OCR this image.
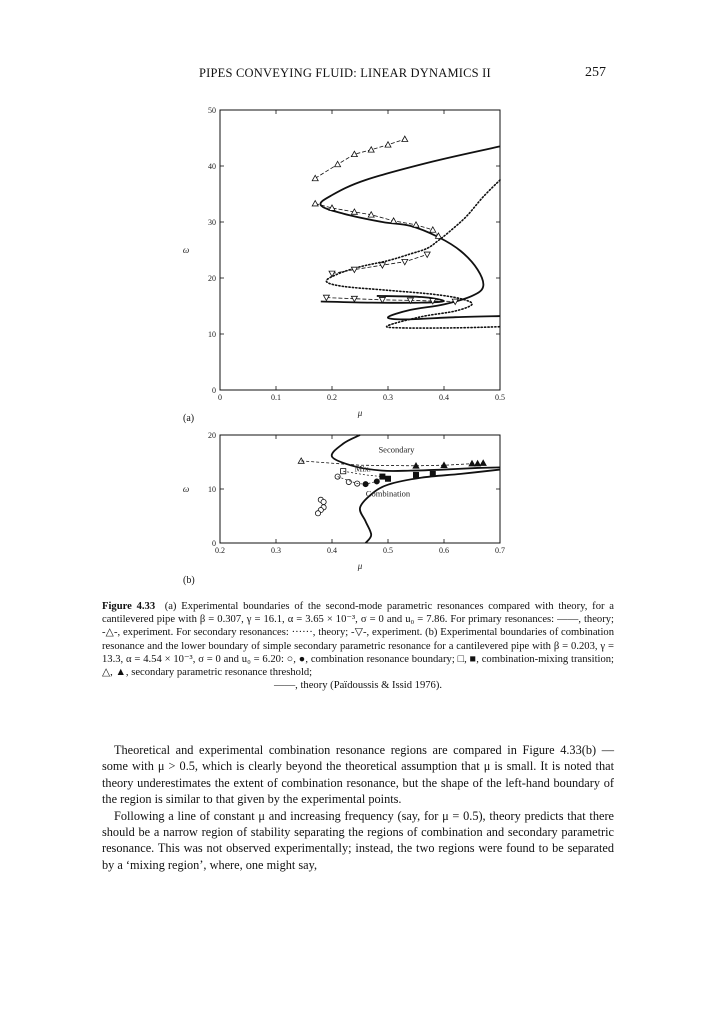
PIPES CONVEYING FLUID: LINEAR DYNAMICS II	257
0	0.1	0.2	0.3	0.4	0.5
0
10
20
30
40
50
μ
ω
(a)
0.2	0.3	0.4	0.5	0.6	0.7
0
10
20
μ
ω
Secondary
Mix.
Combination
(b)
Figure 4.33 (a) Experimental boundaries of the second-mode parametric resonances compared with theory, for a cantilevered pipe with β = 0.307, γ = 16.1, α = 3.65 × 10⁻³, σ = 0 and u₀ = 7.86. For primary resonances: ——, theory; -△-, experiment. For secondary resonances: ······, theory; -▽-, experiment. (b) Experimental boundaries of combination resonance and the lower boundary of simple secondary parametric resonance for a cantilevered pipe with β = 0.203, γ = 13.3, α = 4.54 × 10⁻³, σ = 0 and u₀ = 6.20: ○, ●, combination resonance boundary; □, ■, combination-mixing transition; △, ▲, secondary parametric resonance threshold;
——, theory (Païdoussis & Issid 1976).

Theoretical and experimental combination resonance regions are compared in Figure 4.33(b) — some with μ > 0.5, which is clearly beyond the theoretical assumption that μ is small. It is noted that theory underestimates the extent of combination resonance, but the shape of the left-hand boundary of the region is similar to that given by the experimental points.

Following a line of constant μ and increasing frequency (say, for μ = 0.5), theory predicts that there should be a narrow region of stability separating the regions of combination and secondary parametric resonance. This was not observed experimentally; instead, the two regions were found to be separated by a ‘mixing region’, where, one might say,
